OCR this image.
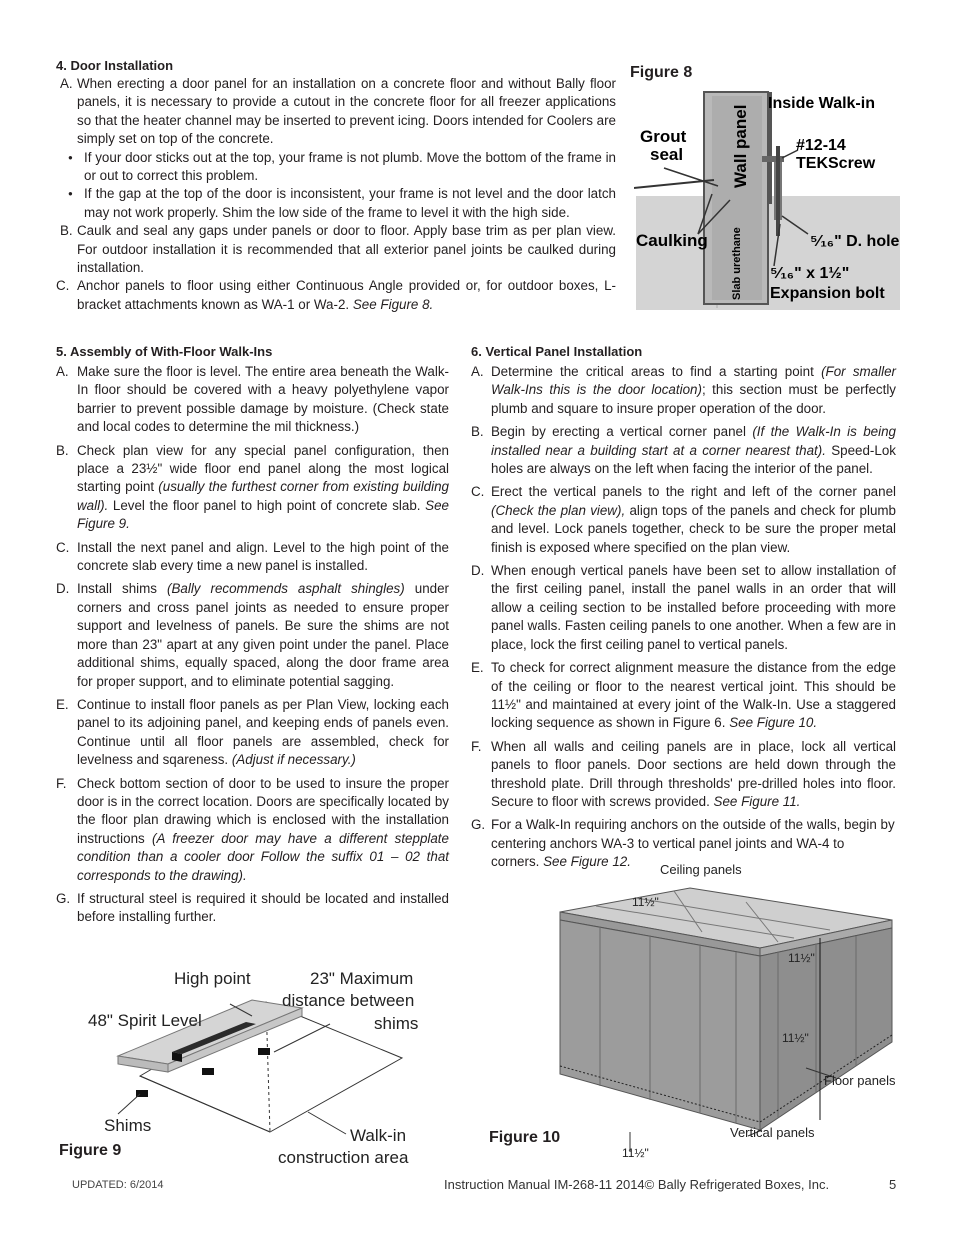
4. Door Installation
A. When erecting a door panel for an installation on a concrete floor and without Bally floor panels, it is necessary to provide a cutout in the concrete floor for all freezer applications so that the heater channel may be inserted to prevent icing. Doors intended for Coolers are simply set on top of the concrete.
● If your door sticks out at the top, your frame is not plumb. Move the bottom of the frame in or out to correct this problem.
● If the gap at the top of the door is inconsistent, your frame is not level and the door latch may not work properly. Shim the low side of the frame to level it with the high side.
B. Caulk and seal any gaps under panels or door to floor. Apply base trim as per plan view. For outdoor installation it is recommended that all exterior panel joints be caulked during installation.
C. Anchor panels to floor using either Continuous Angle provided or, for outdoor boxes, L-bracket attachments known as WA-1 or Wa-2. See Figure 8.
Figure 8
Inside Walk-in
Wall panel
Grout
seal	#12-14
TEKScrew
Caulking Slab urethane	⁵⁄₁₆" D. hole
⁵⁄₁₆" x 1½"
Expansion bolt
5. Assembly of With-Floor Walk-Ins
A. Make sure the floor is level. The entire area beneath the Walk-In floor should be covered with a heavy polyethylene vapor barrier to prevent possible damage by moisture. (Check state and local codes to determine the mil thickness.)
B. Check plan view for any special panel configuration, then place a 23½" wide floor end panel along the most logical starting point (usually the furthest corner from existing building wall). Level the floor panel to high point of concrete slab. See Figure 9.
C. Install the next panel and align. Level to the high point of the concrete slab every time a new panel is installed.
D. Install shims (Bally recommends asphalt shingles) under corners and cross panel joints as needed to ensure proper support and levelness of panels. Be sure the shims are not more than 23" apart at any given point under the panel. Place additional shims, equally spaced, along the door frame area for proper support, and to eliminate potential sagging.
E. Continue to install floor panels as per Plan View, locking each panel to its adjoining panel, and keeping ends of panels even. Continue until all floor panels are assembled, check for levelness and sqareness. (Adjust if necessary.)
F. Check bottom section of door to be used to insure the proper door is in the correct location. Doors are specifically located by the floor plan drawing which is enclosed with the installation instructions (A freezer door may have a different stepplate condition than a cooler door Follow the suffix 01 – 02 that corresponds to the drawing).
G. If structural steel is required it should be located and installed before installing further.
High point	23" Maximum
distance between
shims
48" Spirit Level
Shims
Walk-in
construction area
Figure 9
6. Vertical Panel Installation
A. Determine the critical areas to find a starting point (For smaller Walk-Ins this is the door location); this section must be perfectly plumb and square to insure proper operation of the door.
B. Begin by erecting a vertical corner panel (If the Walk-In is being installed near a building start at a corner nearest that). Speed-Lok holes are always on the left when facing the interior of the panel.
C. Erect the vertical panels to the right and left of the corner panel (Check the plan view), align tops of the panels and check for plumb and level. Lock panels together, check to be sure the proper metal finish is exposed where specified on the plan view.
D. When enough vertical panels have been set to allow installation of the first ceiling panel, install the panel walls in an order that will allow a ceiling section to be installed before proceeding with more panel walls. Fasten ceiling panels to one another. When a few are in place, lock the first ceiling panel to vertical panels.
E. To check for correct alignment measure the distance from the edge of the ceiling or floor to the nearest vertical joint. This should be 11½" and maintained at every joint of the Walk-In. Use a staggered locking sequence as shown in Figure 6. See Figure 10.
F. When all walls and ceiling panels are in place, lock all vertical panels to floor panels. Door sections are held down through the threshold plate. Drill through thresholds' pre-drilled holes into floor. Secure to floor with screws provided. See Figure 11.
G. For a Walk-In requiring anchors on the outside of the walls, begin by centering anchors WA-3 to vertical panel joints and WA-4 to corners. See Figure 12.
Ceiling panels
11½"
11½"
11½"
Floor panels
Vertical panels
11½"
Figure 10
UPDATED: 6/2014	Instruction Manual IM-268-11 2014© Bally Refrigerated Boxes, Inc.	5
